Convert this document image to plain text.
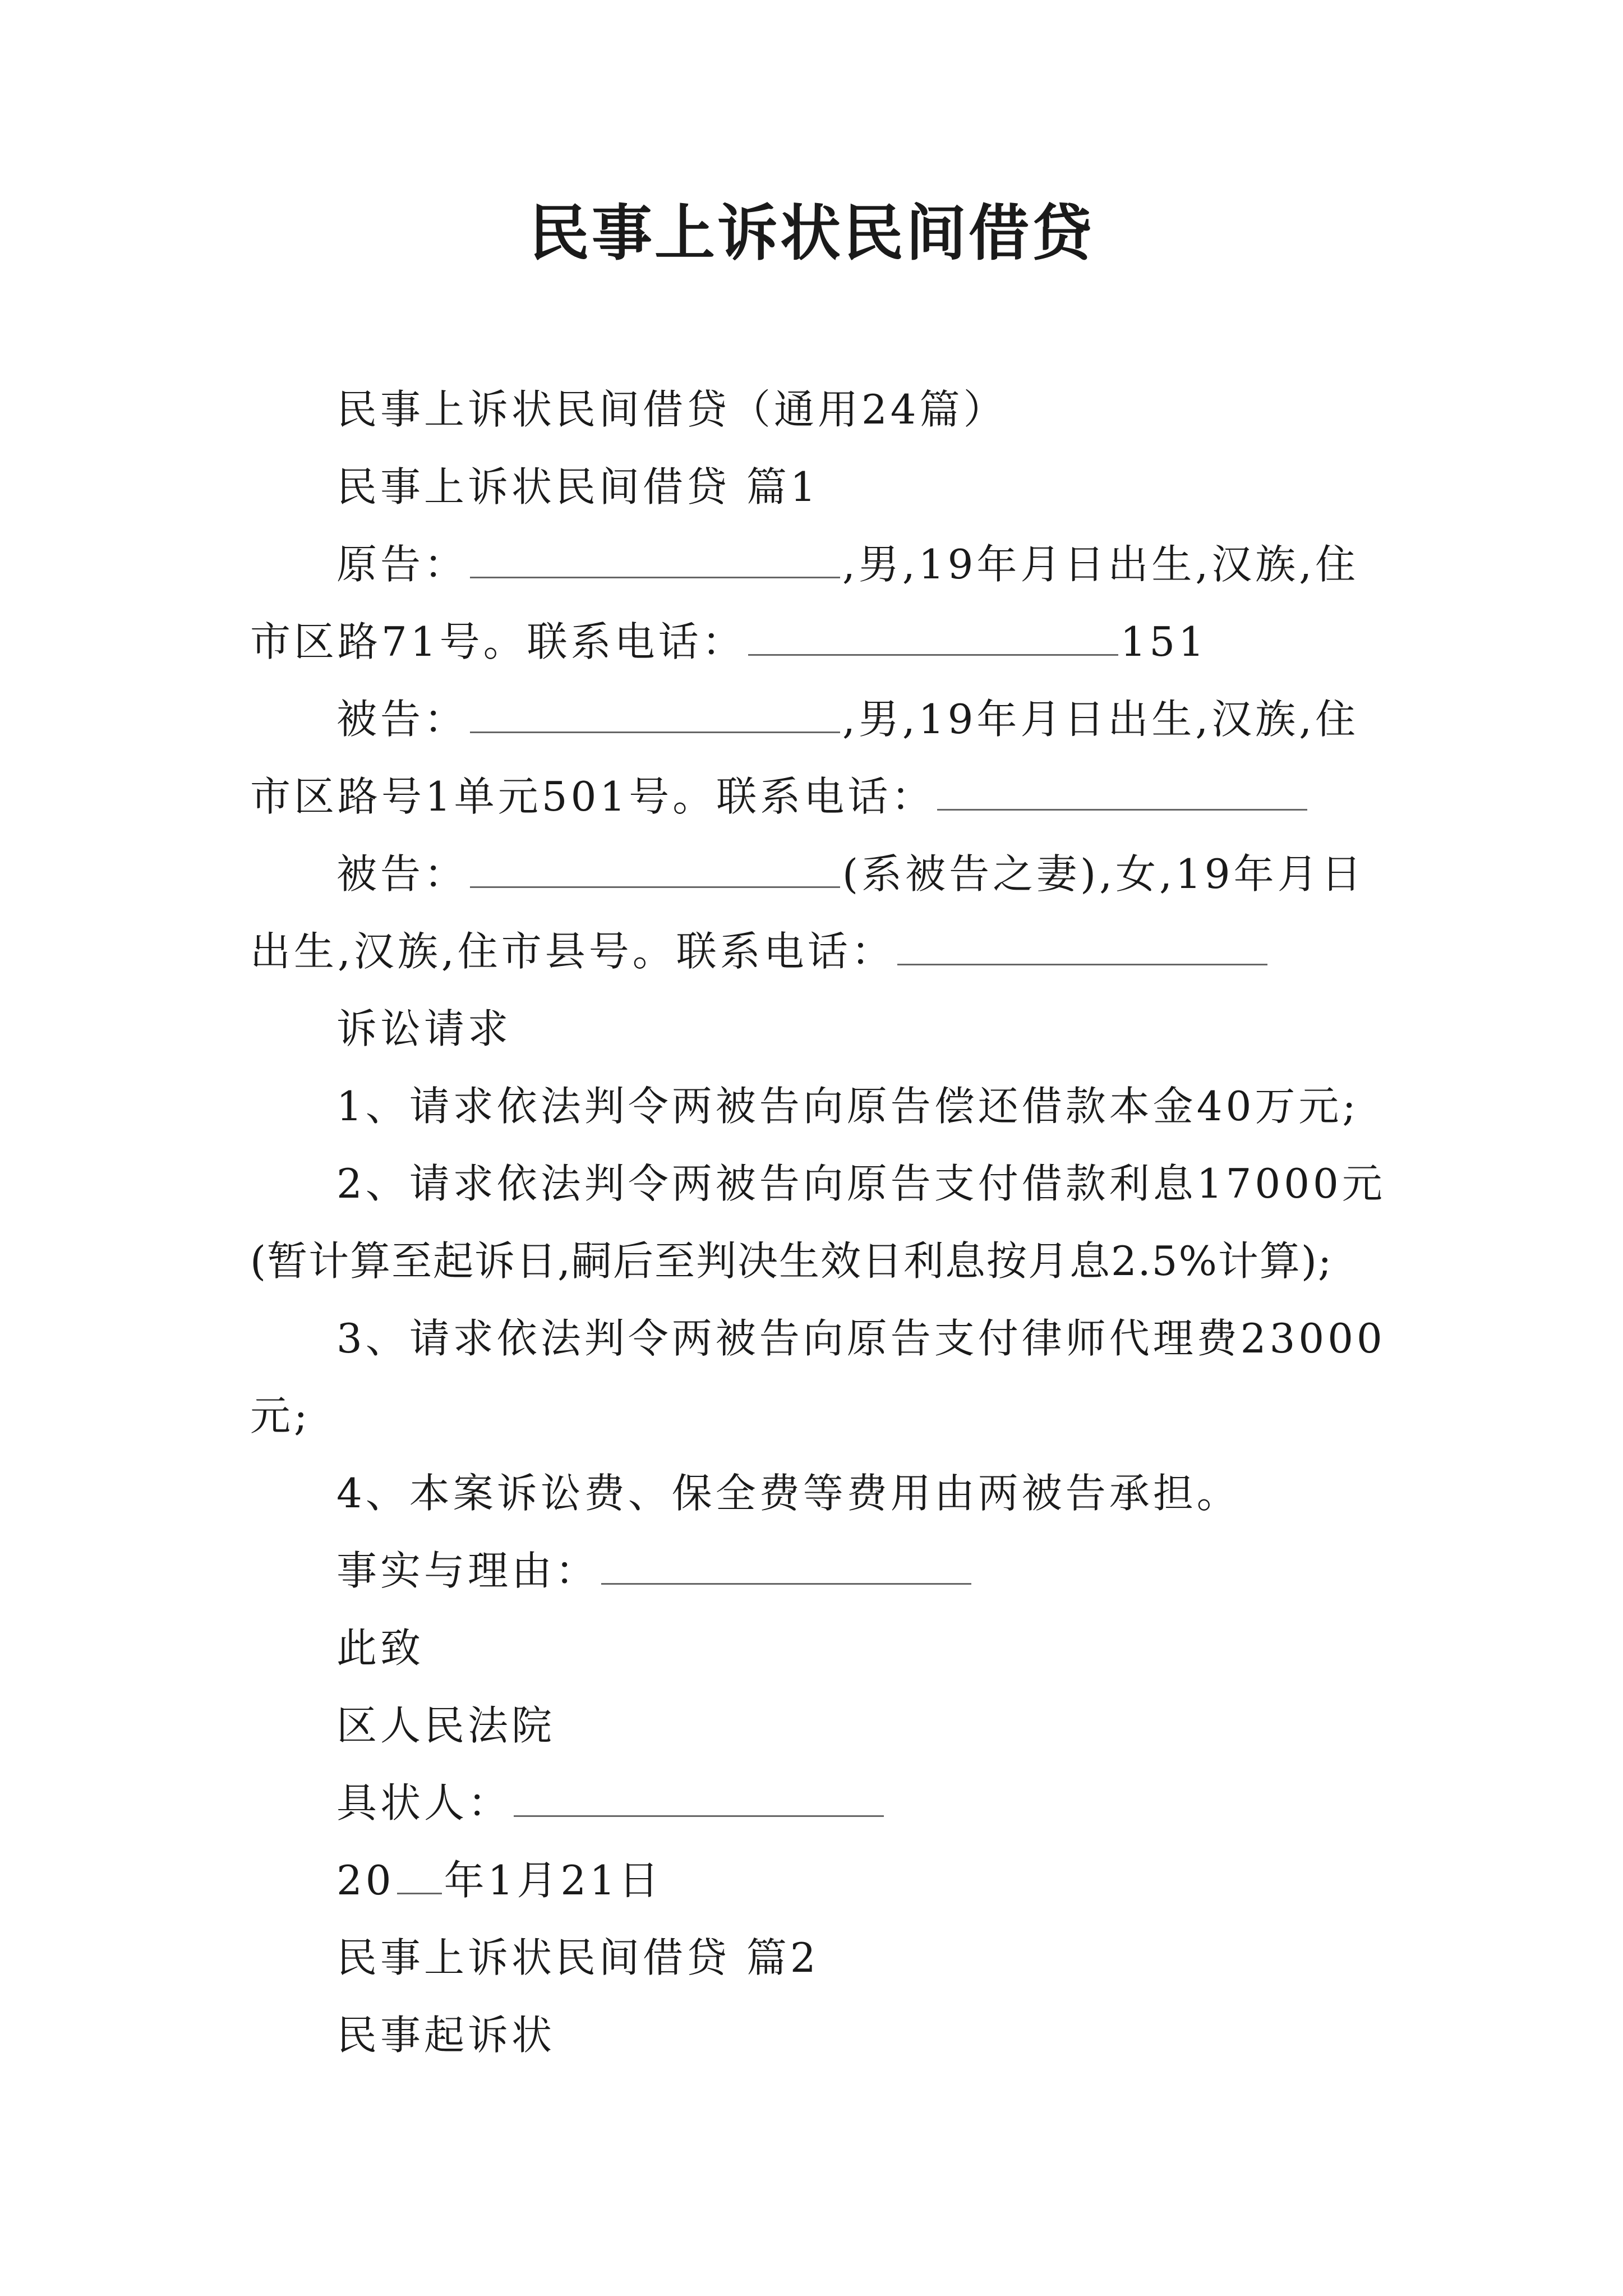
民事上诉状民间借贷
民事上诉状民间借贷（通用24篇）
民事上诉状民间借贷 篇1
原告：	,男,19年月日出生,汉族,住
市区路71号。联系电话：	151
被告：	,男,19年月日出生,汉族,住
市区路号1单元501号。联系电话：
被告：	(系被告之妻),女,19年月日
出生,汉族,住市县号。联系电话：
诉讼请求
1、请求依法判令两被告向原告偿还借款本金40万元;
2、请求依法判令两被告向原告支付借款利息17000元
(暂计算至起诉日,嗣后至判决生效日利息按月息2.5%计算);
3、请求依法判令两被告向原告支付律师代理费23000
元;
4、本案诉讼费、保全费等费用由两被告承担。
事实与理由：
此致
区人民法院
具状人：
20 年1月21日
民事上诉状民间借贷 篇2
民事起诉状
